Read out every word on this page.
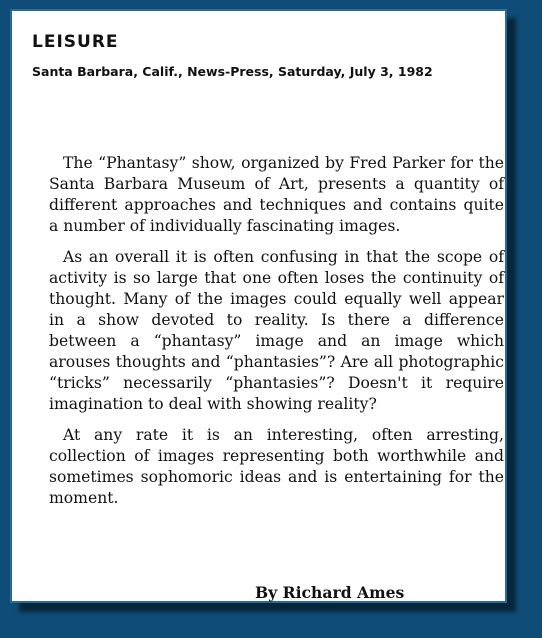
LEISURE
Santa Barbara, Calif., News-Press, Saturday, July 3, 1982

The “Phantasy” show, organized by Fred Parker for the Santa Barbara Museum of Art, presents a quantity of different approaches and techniques and contains quite a number of individually fascinating images.

As an overall it is often confusing in that the scope of activity is so large that one often loses the continuity of thought. Many of the images could equally well appear in a show devoted to reality. Is there a difference between a “phantasy” image and an image which arouses thoughts and “phantasies”? Are all photographic “tricks” necessarily “phantasies”? Doesn't it require imagination to deal with showing reality?

At any rate it is an interesting, often arresting, collection of images representing both worthwhile and sometimes sophomoric ideas and is entertaining for the moment.

By Richard Ames
